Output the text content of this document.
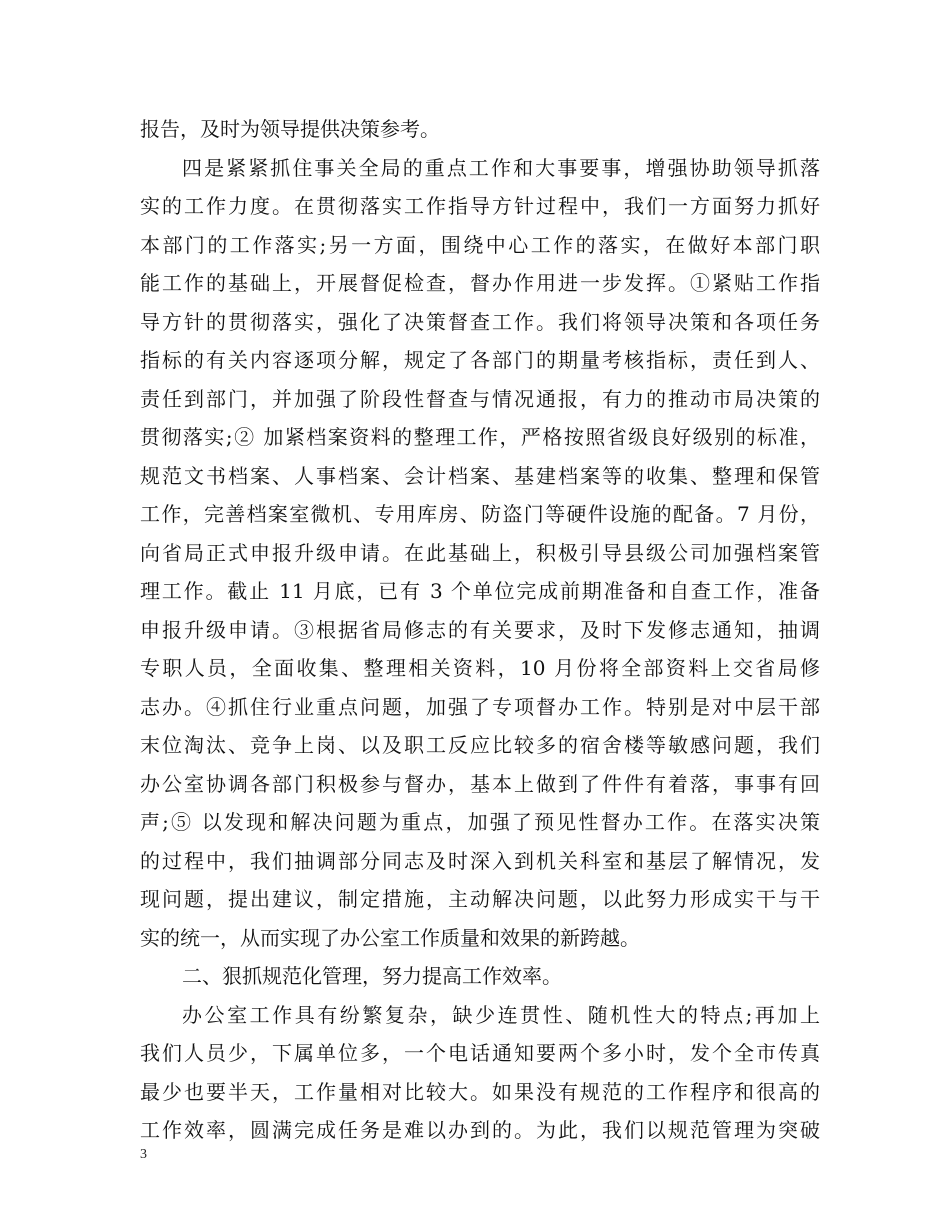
报告，及时为领导提供决策参考。
四是紧紧抓住事关全局的重点工作和大事要事，增强协助领导抓落
实的工作力度。在贯彻落实工作指导方针过程中，我们一方面努力抓好
本部门的工作落实;另一方面，围绕中心工作的落实，在做好本部门职
能工作的基础上，开展督促检查，督办作用进一步发挥。①紧贴工作指
导方针的贯彻落实，强化了决策督查工作。我们将领导决策和各项任务
指标的有关内容逐项分解，规定了各部门的期量考核指标，责任到人、
责任到部门，并加强了阶段性督查与情况通报，有力的推动市局决策的
贯彻落实;② 加紧档案资料的整理工作，严格按照省级良好级别的标准，
规范文书档案、人事档案、会计档案、基建档案等的收集、整理和保管
工作，完善档案室微机、专用库房、防盗门等硬件设施的配备。7 月份，
向省局正式申报升级申请。在此基础上，积极引导县级公司加强档案管
理工作。截止 11 月底，已有 3 个单位完成前期准备和自查工作，准备
申报升级申请。③根据省局修志的有关要求，及时下发修志通知，抽调
专职人员，全面收集、整理相关资料，10 月份将全部资料上交省局修
志办。④抓住行业重点问题，加强了专项督办工作。特别是对中层干部
末位淘汰、竞争上岗、以及职工反应比较多的宿舍楼等敏感问题，我们
办公室协调各部门积极参与督办，基本上做到了件件有着落，事事有回
声;⑤ 以发现和解决问题为重点，加强了预见性督办工作。在落实决策
的过程中，我们抽调部分同志及时深入到机关科室和基层了解情况，发
现问题，提出建议，制定措施，主动解决问题，以此努力形成实干与干
实的统一，从而实现了办公室工作质量和效果的新跨越。
二、狠抓规范化管理，努力提高工作效率。
办公室工作具有纷繁复杂，缺少连贯性、随机性大的特点;再加上
我们人员少，下属单位多，一个电话通知要两个多小时，发个全市传真
最少也要半天，工作量相对比较大。如果没有规范的工作程序和很高的
工作效率，圆满完成任务是难以办到的。为此，我们以规范管理为突破
3
